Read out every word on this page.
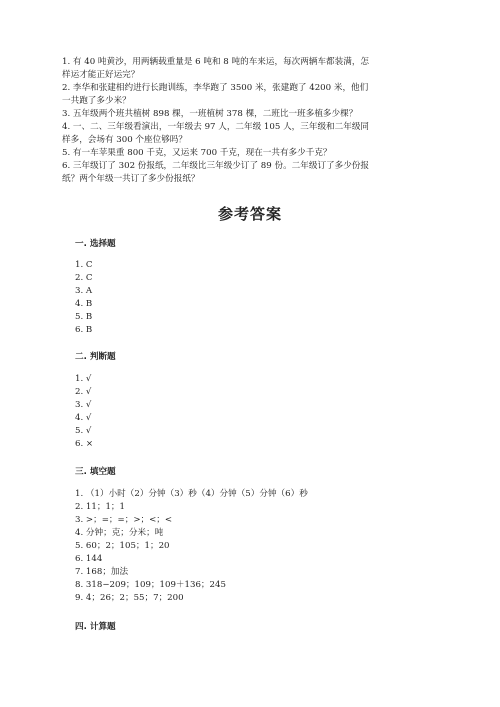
1. 有 40 吨黄沙，用两辆载重量是 6 吨和 8 吨的车来运，每次两辆车都装满，怎
样运才能正好运完？
2. 李华和张建相约进行长跑训练，李华跑了 3500 米，张建跑了 4200 米，他们
一共跑了多少米？
3. 五年级两个班共植树 898 棵，一班植树 378 棵，二班比一班多植多少棵？
4. 一、二、三年级看演出，一年级去 97 人，二年级 105 人，三年级和二年级同
样多，会场有 300 个座位够吗？
5. 有一车苹果重 800 千克，又运来 700 千克，现在一共有多少千克？
6. 三年级订了 302 份报纸，二年级比三年级少订了 89 份。二年级订了多少份报
纸？两个年级一共订了多少份报纸？
参考答案
一. 选择题
1. C
2. C
3. A
4. B
5. B
6. B
二. 判断题
1. √
2. √
3. √
4. √
5. √
6. ×
三. 填空题
1. （1）小时（2）分钟（3）秒（4）分钟（5）分钟（6）秒
2. 11；1；1
3. >；=；=；>；<；<
4. 分钟；克；分米；吨
5. 60；2；105；1；20
6. 144
7. 168；加法
8. 318−209；109；109＋136；245
9. 4；26；2；55；7；200
四. 计算题
